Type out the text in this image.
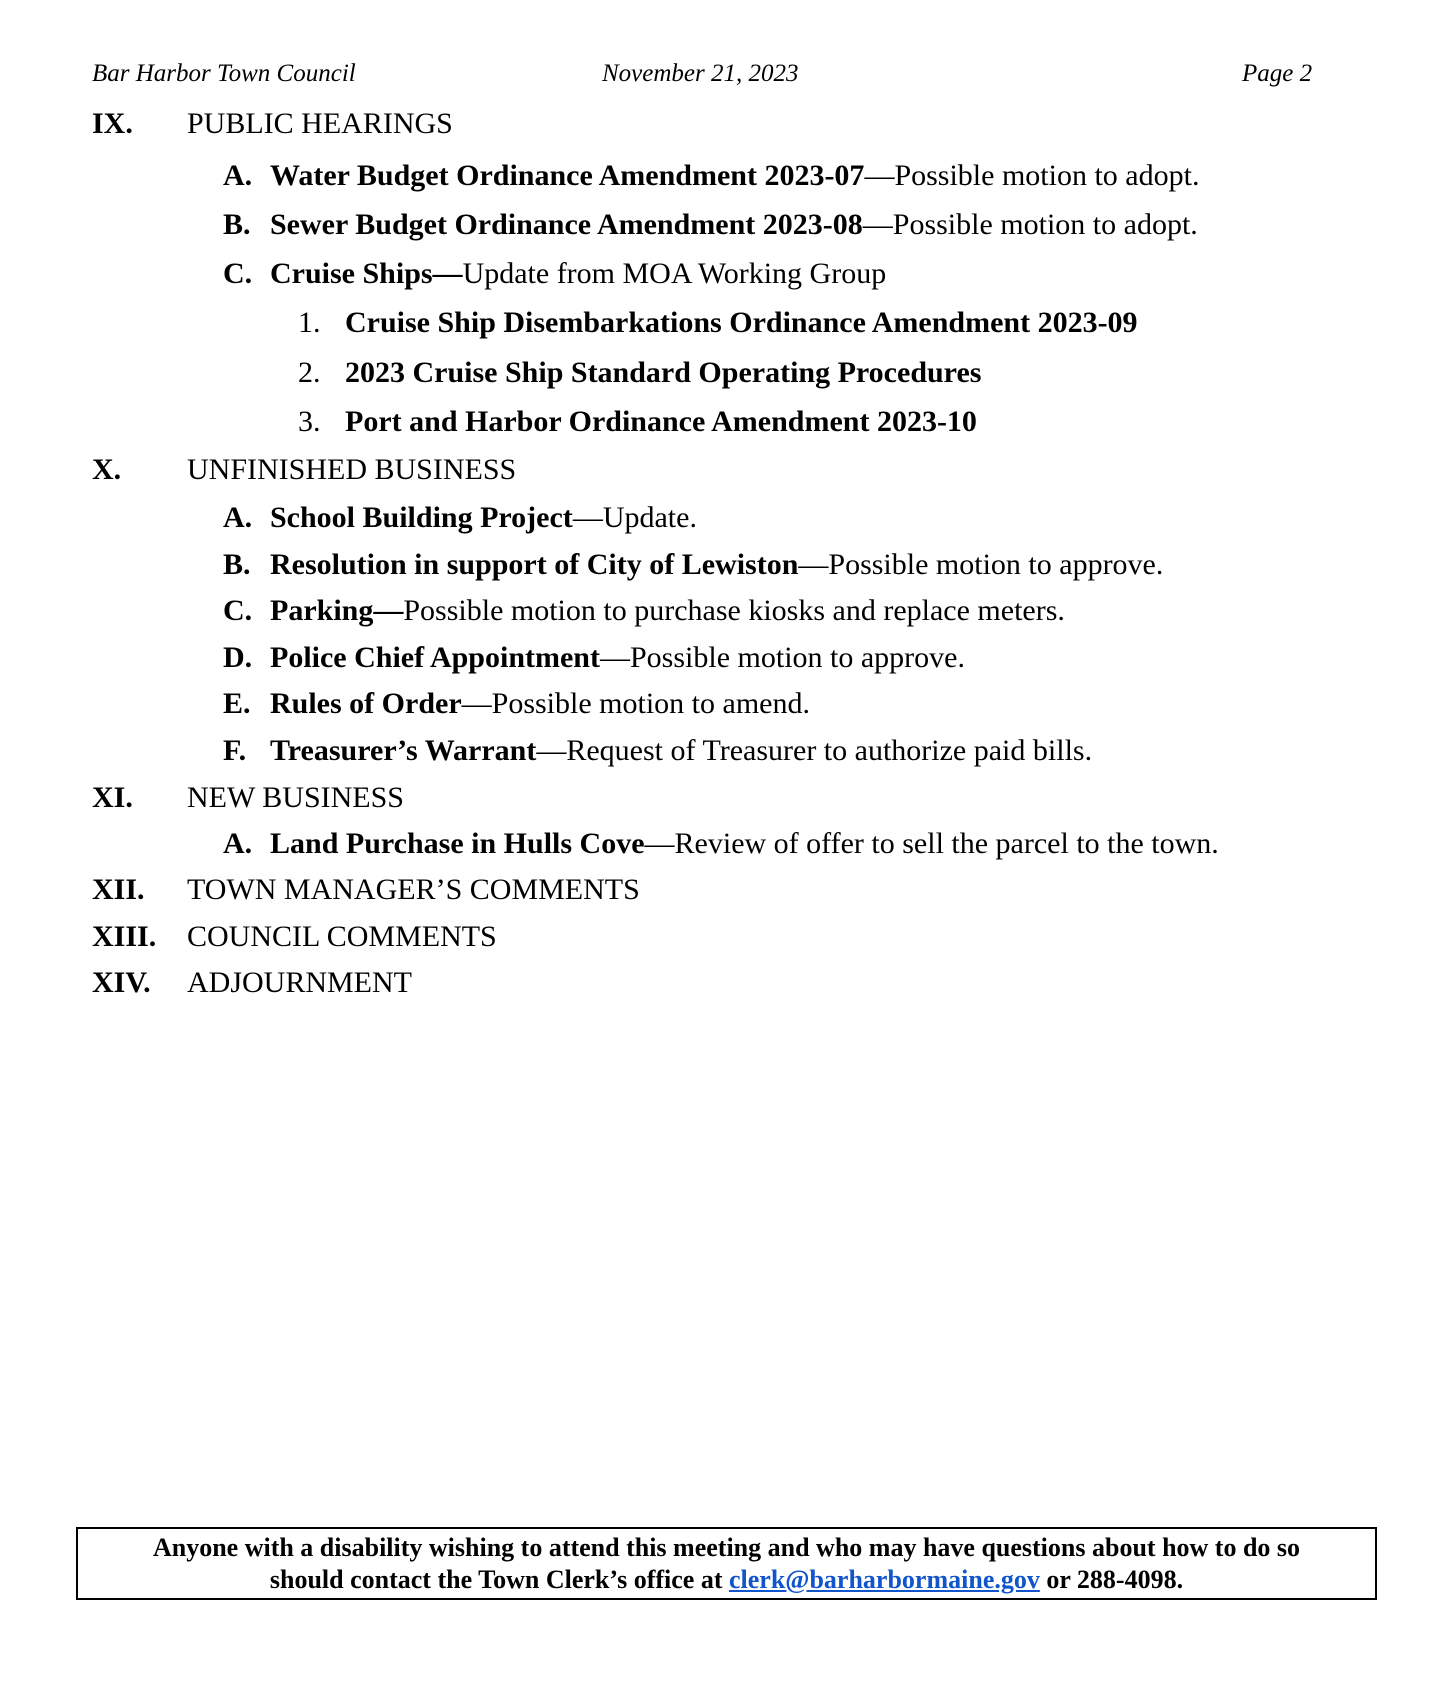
Bar Harbor Town Council	November 21, 2023	Page 2
IX. PUBLIC HEARINGS
A. Water Budget Ordinance Amendment 2023-07—Possible motion to adopt.
B. Sewer Budget Ordinance Amendment 2023-08—Possible motion to adopt.
C. Cruise Ships—Update from MOA Working Group
1. Cruise Ship Disembarkations Ordinance Amendment 2023-09
2. 2023 Cruise Ship Standard Operating Procedures
3. Port and Harbor Ordinance Amendment 2023-10
X. UNFINISHED BUSINESS
A. School Building Project—Update.
B. Resolution in support of City of Lewiston—Possible motion to approve.
C. Parking—Possible motion to purchase kiosks and replace meters.
D. Police Chief Appointment—Possible motion to approve.
E. Rules of Order—Possible motion to amend.
F. Treasurer’s Warrant—Request of Treasurer to authorize paid bills.
XI. NEW BUSINESS
A. Land Purchase in Hulls Cove—Review of offer to sell the parcel to the town.
XII. TOWN MANAGER’S COMMENTS
XIII. COUNCIL COMMENTS
XIV. ADJOURNMENT
Anyone with a disability wishing to attend this meeting and who may have questions about how to do so
should contact the Town Clerk’s office at clerk@barharbormaine.gov or 288-4098.
